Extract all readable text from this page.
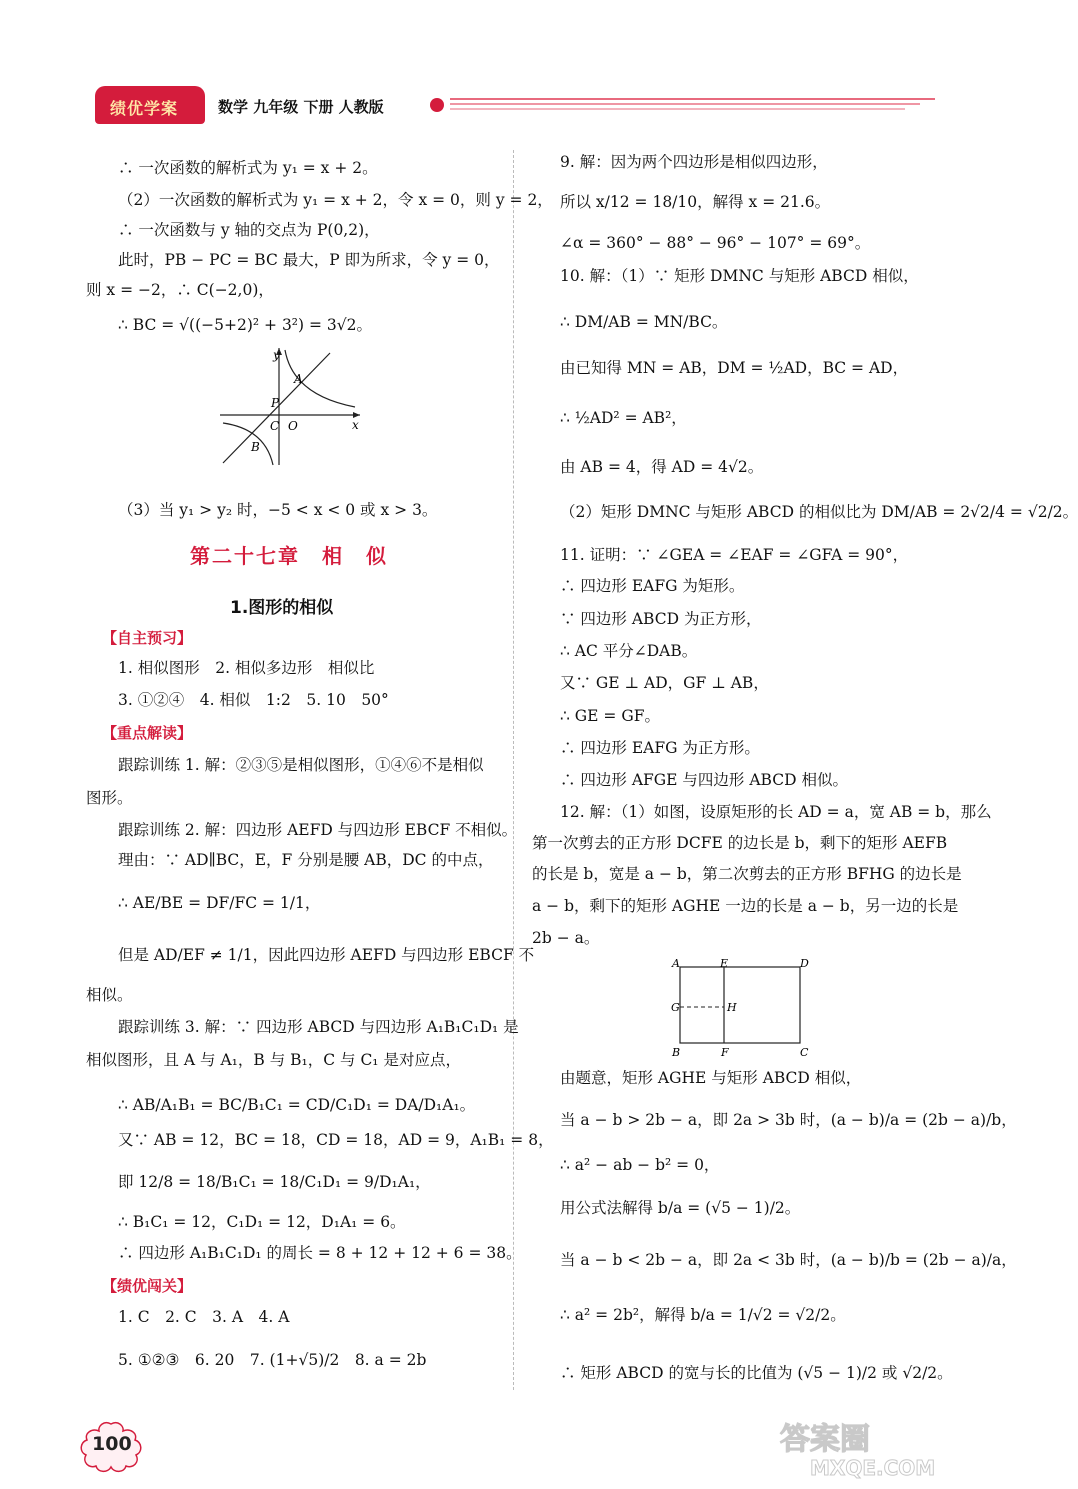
绩优学案	数学 九年级 下册 人教版
∴ 一次函数的解析式为 y₁ = x + 2。
（2）一次函数的解析式为 y₁ = x + 2，令 x = 0，则 y = 2，
∴ 一次函数与 y 轴的交点为 P(0,2)，
此时，PB − PC = BC 最大，P 即为所求，令 y = 0，
则 x = −2，∴ C(−2,0)，
∴ BC = √((−5+2)² + 3²) = 3√2。
y
x
A
P
C O
B
（3）当 y₁ > y₂ 时，−5 < x < 0 或 x > 3。
第二十七章　相　似
1.图形的相似
【自主预习】
1. 相似图形　2. 相似多边形　相似比
3. ①②④　4. 相似　1:2　5. 10　50°
【重点解读】
跟踪训练 1. 解：②③⑤是相似图形，①④⑥不是相似
图形。
跟踪训练 2. 解：四边形 AEFD 与四边形 EBCF 不相似。
理由：∵ AD∥BC，E，F 分别是腰 AB，DC 的中点，
∴ AE/BE = DF/FC = 1/1，
但是 AD/EF ≠ 1/1，因此四边形 AEFD 与四边形 EBCF 不
相似。
跟踪训练 3. 解：∵ 四边形 ABCD 与四边形 A₁B₁C₁D₁ 是
相似图形，且 A 与 A₁，B 与 B₁，C 与 C₁ 是对应点，
∴ AB/A₁B₁ = BC/B₁C₁ = CD/C₁D₁ = DA/D₁A₁。
又∵ AB = 12，BC = 18，CD = 18，AD = 9，A₁B₁ = 8，
即 12/8 = 18/B₁C₁ = 18/C₁D₁ = 9/D₁A₁，
∴ B₁C₁ = 12，C₁D₁ = 12，D₁A₁ = 6。
∴ 四边形 A₁B₁C₁D₁ 的周长 = 8 + 12 + 12 + 6 = 38。
【绩优闯关】
1. C　2. C　3. A　4. A
5. ①②③　6. 20　7. (1+√5)/2　8. a = 2b
9. 解：因为两个四边形是相似四边形，
所以 x/12 = 18/10，解得 x = 21.6。
∠α = 360° − 88° − 96° − 107° = 69°。
10. 解：（1）∵ 矩形 DMNC 与矩形 ABCD 相似，
∴ DM/AB = MN/BC。
由已知得 MN = AB，DM = ½AD，BC = AD，
∴ ½AD² = AB²，
由 AB = 4，得 AD = 4√2。
（2）矩形 DMNC 与矩形 ABCD 的相似比为 DM/AB = 2√2/4 = √2/2。
11. 证明：∵ ∠GEA = ∠EAF = ∠GFA = 90°，
∴ 四边形 EAFG 为矩形。
∵ 四边形 ABCD 为正方形，
∴ AC 平分∠DAB。
又∵ GE ⊥ AD，GF ⊥ AB，
∴ GE = GF。
∴ 四边形 EAFG 为正方形。
∴ 四边形 AFGE 与四边形 ABCD 相似。
12. 解：（1）如图，设原矩形的长 AD = a，宽 AB = b，那么
第一次剪去的正方形 DCFE 的边长是 b，剩下的矩形 AEFB
的长是 b，宽是 a − b，第二次剪去的正方形 BFHG 的边长是
a − b，剩下的矩形 AGHE 一边的长是 a − b，另一边的长是
2b − a。
A	E	D
G	H
B	F	C
由题意，矩形 AGHE 与矩形 ABCD 相似，
当 a − b > 2b − a，即 2a > 3b 时，(a − b)/a = (2b − a)/b，
∴ a² − ab − b² = 0，
用公式法解得 b/a = (√5 − 1)/2。
当 a − b < 2b − a，即 2a < 3b 时，(a − b)/b = (2b − a)/a，
∴ a² = 2b²，解得 b/a = 1/√2 = √2/2。
∴ 矩形 ABCD 的宽与长的比值为 (√5 − 1)/2 或 √2/2。
100	答案圈
MXQE.COM
